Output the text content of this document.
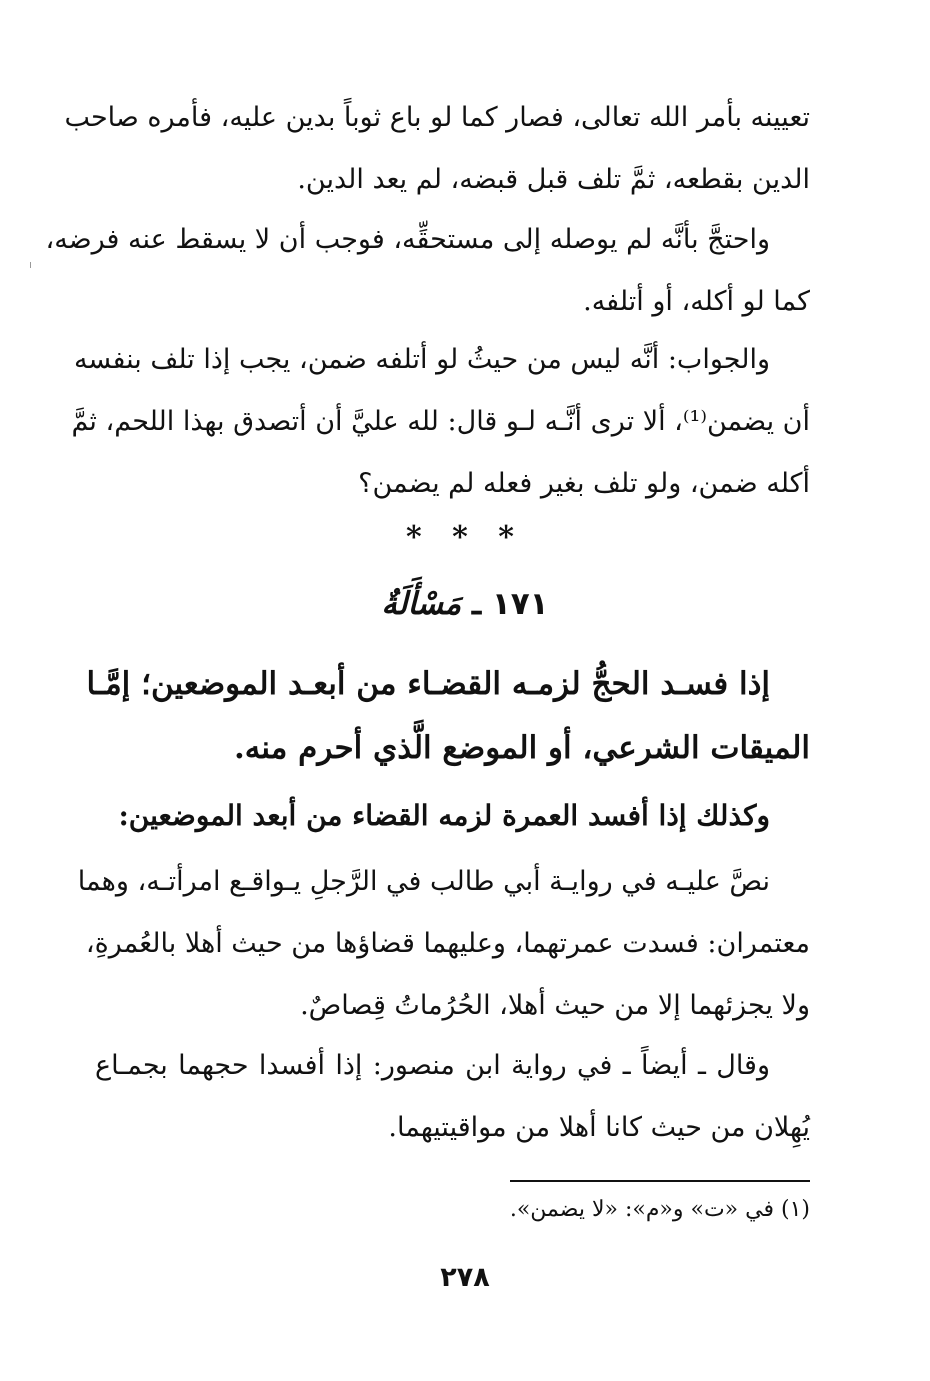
تعيينه بأمر الله تعالى، فصار كما لو باع ثوباً بدين عليه، فأمره صاحب
الدين بقطعه، ثمَّ تلف قبل قبضه، لم يعد الدين.
واحتجَّ بأنَّه لم يوصله إلى مستحقِّه، فوجب أن لا يسقط عنه فرضه،
كما لو أكله، أو أتلفه.
والجواب: أنَّه ليس من حيثُ لو أتلفه ضمن، يجب إذا تلف بنفسه
أن يضمن⁽¹⁾، ألا ترى أنَّـه لـو قال: لله عليَّ أن أتصدق بهذا اللحم، ثمَّ
أكله ضمن، ولو تلف بغير فعله لم يضمن؟
* * *
١٧١ ـ مَسْأَلَةٌ
إذا فسـد الحجُّ لزمـه القضـاء من أبعـد الموضعين؛ إمَّـا
الميقات الشرعي، أو الموضع الَّذي أحرم منه.
وكذلك إذا أفسد العمرة لزمه القضاء من أبعد الموضعين:
نصَّ عليـه في روايـة أبي طالب في الرَّجلِ يـواقـع امرأتـه، وهما
معتمران: فسدت عمرتهما، وعليهما قضاؤها من حيث أهلا بالعُمرةِ،
ولا يجزئهما إلا من حيث أهلا، الحُرُماتُ قِصاصٌ.
وقال ـ أيضاً ـ في رواية ابن منصور: إذا أفسدا حجهما بجمـاع
يُهِلان من حيث كانا أهلا من مواقيتيهما.
(١) في «ت» و«م»: «لا يضمن».
٢٧٨
